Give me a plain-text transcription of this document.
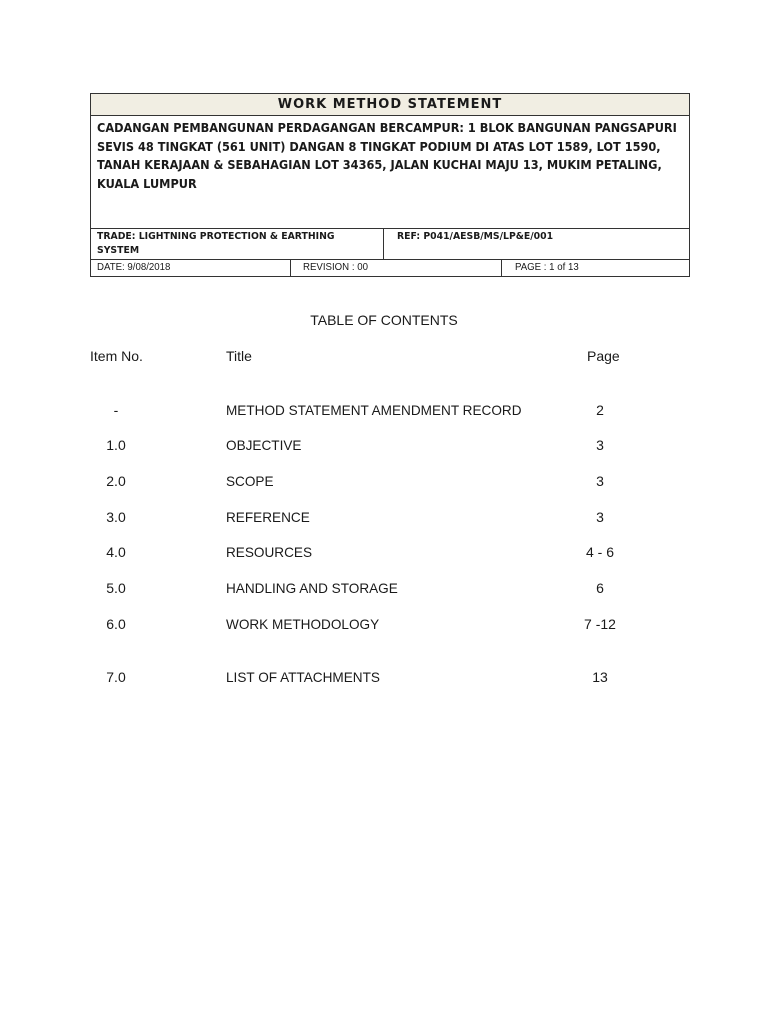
WORK METHOD STATEMENT
CADANGAN PEMBANGUNAN PERDAGANGAN BERCAMPUR: 1 BLOK BANGUNAN PANGSAPURI SEVIS 48 TINGKAT (561 UNIT) DANGAN 8 TINGKAT PODIUM DI ATAS LOT 1589, LOT 1590, TANAH KERAJAAN & SEBAHAGIAN LOT 34365, JALAN KUCHAI MAJU 13, MUKIM PETALING, KUALA LUMPUR
TRADE: LIGHTNING PROTECTION & EARTHING SYSTEM
REF: P041/AESB/MS/LP&E/001
DATE: 9/08/2018	REVISION : 00	PAGE : 1 of 13
TABLE OF CONTENTS
Item No.	Title	Page
-	METHOD STATEMENT AMENDMENT RECORD	2
1.0	OBJECTIVE	3
2.0	SCOPE	3
3.0	REFERENCE	3
4.0	RESOURCES	4 - 6
5.0	HANDLING AND STORAGE	6
6.0	WORK METHODOLOGY	7 -12
7.0	LIST OF ATTACHMENTS	13
